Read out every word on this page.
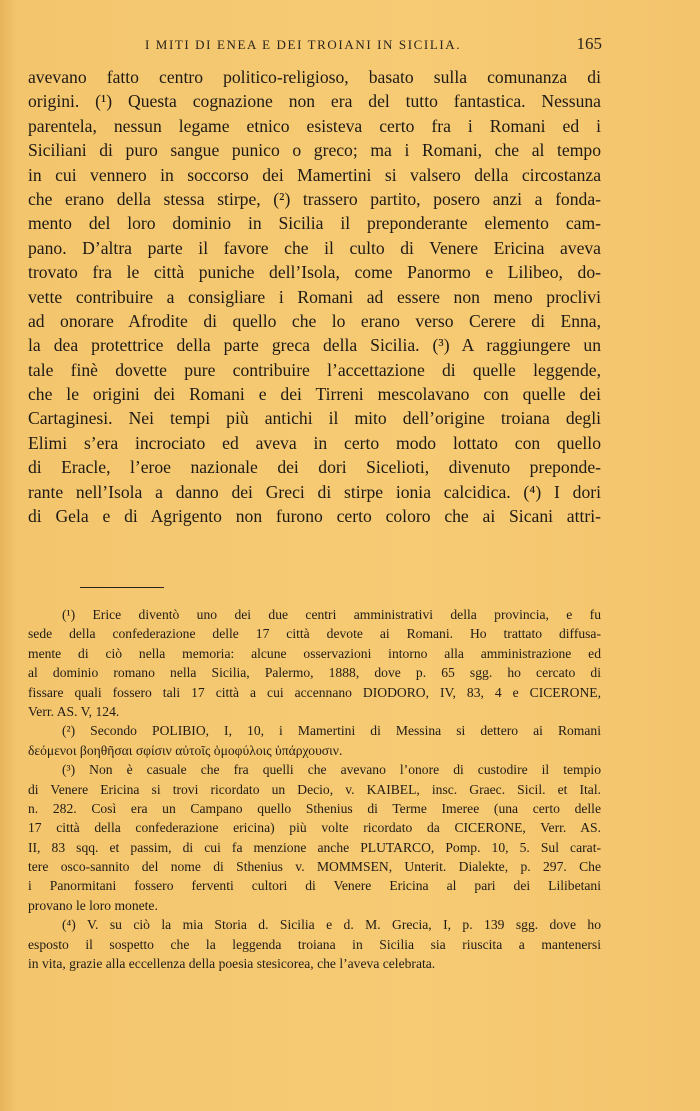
I MITI DI ENEA E DEI TROIANI IN SICILIA.	165
avevano fatto centro politico-religioso, basato sulla comunanza di
origini. (¹) Questa cognazione non era del tutto fantastica. Nessuna
parentela, nessun legame etnico esisteva certo fra i Romani ed i
Siciliani di puro sangue punico o greco; ma i Romani, che al tempo
in cui vennero in soccorso dei Mamertini si valsero della circostanza
che erano della stessa stirpe, (²) trassero partito, posero anzi a fonda-
mento del loro dominio in Sicilia il preponderante elemento cam-
pano. D’altra parte il favore che il culto di Venere Ericina aveva
trovato fra le città puniche dell’Isola, come Panormo e Lilibeo, do-
vette contribuire a consigliare i Romani ad essere non meno proclivi
ad onorare Afrodite di quello che lo erano verso Cerere di Enna,
la dea protettrice della parte greca della Sicilia. (³) A raggiungere un
tale finè dovette pure contribuire l’accettazione di quelle leggende,
che le origini dei Romani e dei Tirreni mescolavano con quelle dei
Cartaginesi. Nei tempi più antichi il mito dell’origine troiana degli
Elimi s’era incrociato ed aveva in certo modo lottato con quello
di Eracle, l’eroe nazionale dei dori Sicelioti, divenuto preponde-
rante nell’Isola a danno dei Greci di stirpe ionia calcidica. (⁴) I dori
di Gela e di Agrigento non furono certo coloro che ai Sicani attri-
(¹) Erice diventò uno dei due centri amministrativi della provincia, e fu
sede della confederazione delle 17 città devote ai Romani. Ho trattato diffusa-
mente di ciò nella memoria: alcune osservazioni intorno alla amministrazione ed
al dominio romano nella Sicilia, Palermo, 1888, dove p. 65 sgg. ho cercato di
fissare quali fossero tali 17 città a cui accennano DIODORO, IV, 83, 4 e CICERONE,
Verr. AS. V, 124.
(²) Secondo POLIBIO, I, 10, i Mamertini di Messina si dettero ai Romani
δεόμενοι βοηθῆσαι σφίσιν αὐτοῖς ὁμοφύλοις ὑπάρχουσιν.
(³) Non è casuale che fra quelli che avevano l’onore di custodire il tempio
di Venere Ericina si trovi ricordato un Decio, v. KAIBEL, insc. Graec. Sicil. et Ital.
n. 282. Così era un Campano quello Sthenius di Terme Imeree (una certo delle
17 città della confederazione ericina) più volte ricordato da CICERONE, Verr. AS.
II, 83 sqq. et passim, di cui fa menzione anche PLUTARCO, Pomp. 10, 5. Sul carat-
tere osco-sannito del nome di Sthenius v. MOMMSEN, Unterit. Dialekte, p. 297. Che
i Panormitani fossero ferventi cultori di Venere Ericina al pari dei Lilibetani
provano le loro monete.
(⁴) V. su ciò la mia Storia d. Sicilia e d. M. Grecia, I, p. 139 sgg. dove ho
esposto il sospetto che la leggenda troiana in Sicilia sia riuscita a mantenersi
in vita, grazie alla eccellenza della poesia stesicorea, che l’aveva celebrata.
